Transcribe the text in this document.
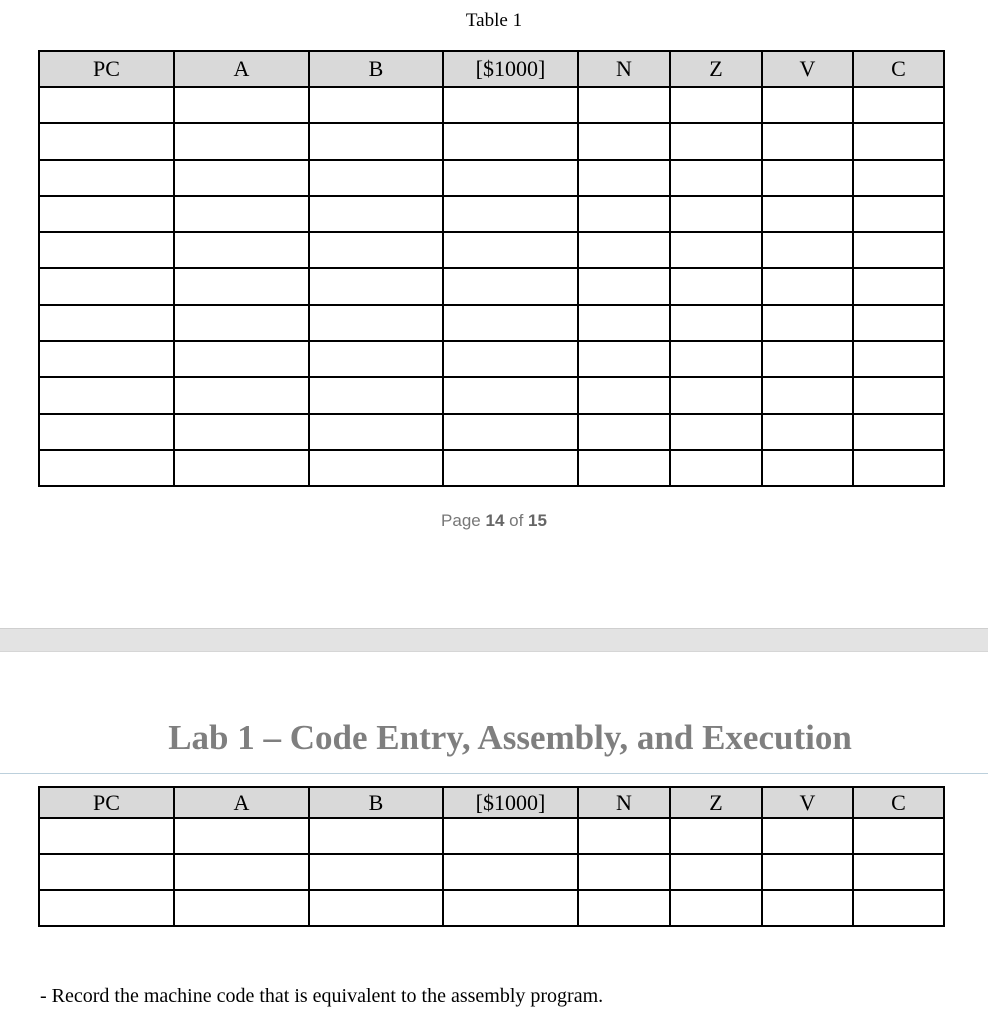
Table 1
PC	A	B	[$1000]	N	Z	V	C

Page 14 of 15
Lab 1 – Code Entry, Assembly, and Execution
PC	A	B	[$1000]	N	Z	V	C

- Record the machine code that is equivalent to the assembly program.
